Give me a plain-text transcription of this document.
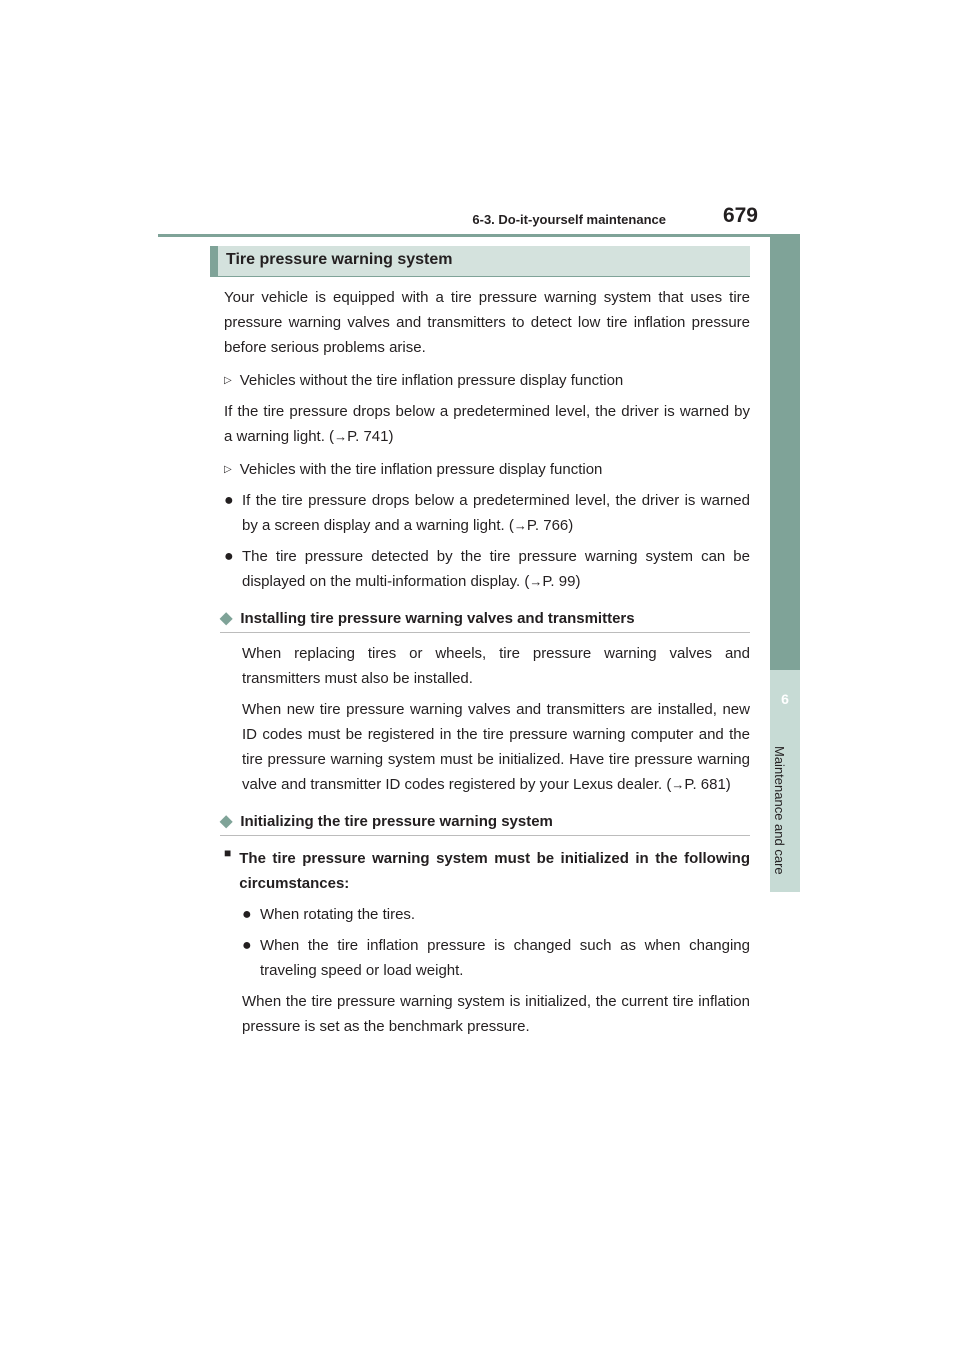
6-3. Do-it-yourself maintenance	679
6
Maintenance and care
Tire pressure warning system

Your vehicle is equipped with a tire pressure warning system that uses tire pressure warning valves and transmitters to detect low tire inflation pressure before serious problems arise.

▷ Vehicles without the tire inflation pressure display function

If the tire pressure drops below a predetermined level, the driver is warned by a warning light. (→P. 741)

▷ Vehicles with the tire inflation pressure display function

● If the tire pressure drops below a predetermined level, the driver is warned by a screen display and a warning light. (→P. 766)

● The tire pressure detected by the tire pressure warning system can be displayed on the multi-information display. (→P. 99)

◆ Installing tire pressure warning valves and transmitters

When replacing tires or wheels, tire pressure warning valves and transmitters must also be installed.

When new tire pressure warning valves and transmitters are installed, new ID codes must be registered in the tire pressure warning computer and the tire pressure warning system must be initialized. Have tire pressure warning valve and transmitter ID codes registered by your Lexus dealer. (→P. 681)

◆ Initializing the tire pressure warning system
■ The tire pressure warning system must be initialized in the following circumstances:

● When rotating the tires.

● When the tire inflation pressure is changed such as when changing traveling speed or load weight.

When the tire pressure warning system is initialized, the current tire inflation pressure is set as the benchmark pressure.
